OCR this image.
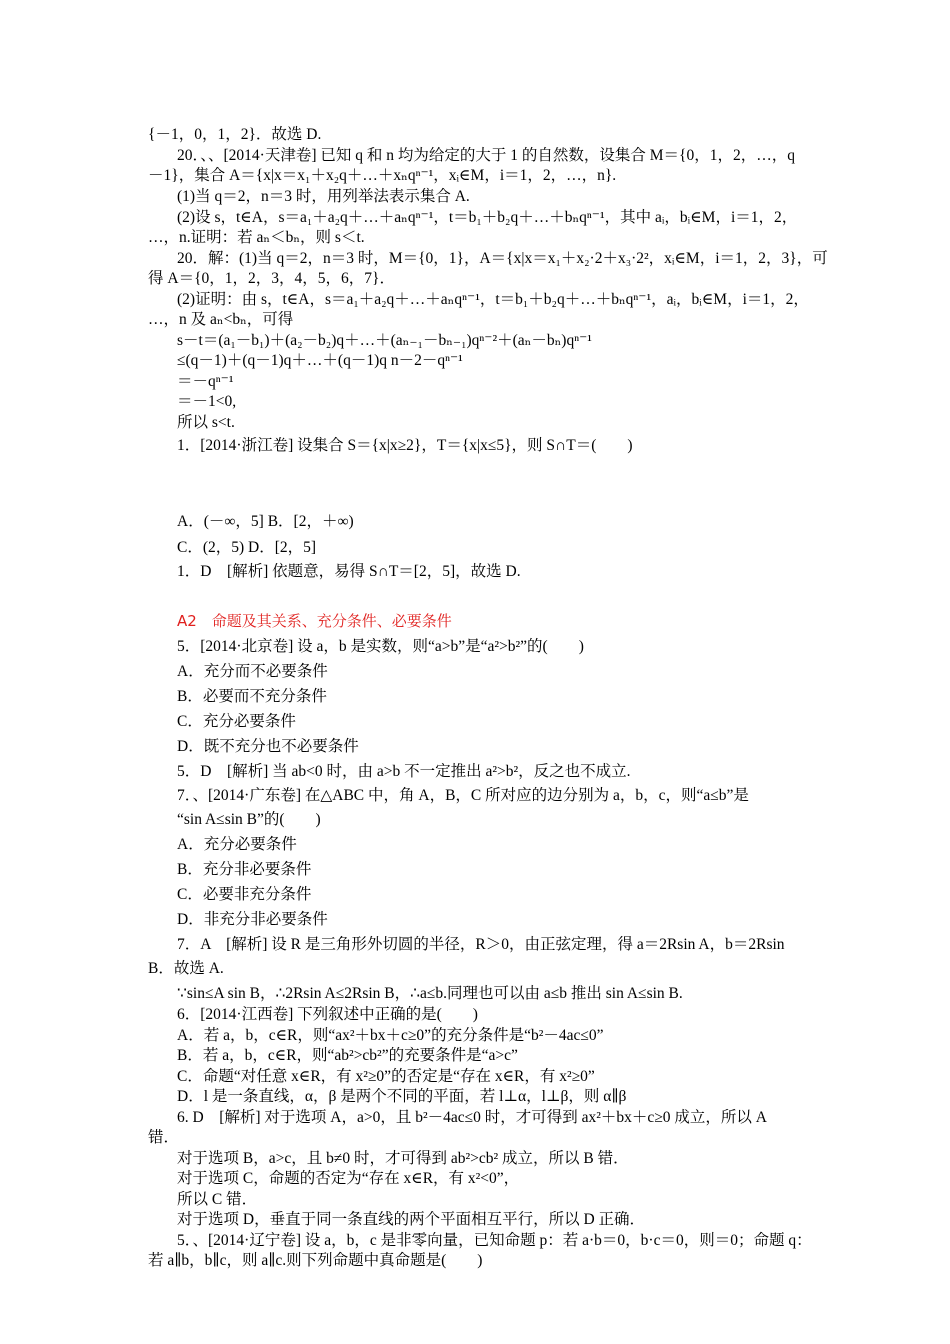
{－1，0，1，2}．故选 D.
20．、、[2014·天津卷] 已知 q 和 n 均为给定的大于 1 的自然数，设集合 M＝{0，1，2，…，q
－1}，集合 A＝{x|x＝x₁＋x₂q＋…＋xₙqⁿ⁻¹，xᵢ∈M，i＝1，2，…，n}.
(1)当 q＝2，n＝3 时，用列举法表示集合 A.
(2)设 s，t∈A，s＝a₁＋a₂q＋…＋aₙqⁿ⁻¹，t＝b₁＋b₂q＋…＋bₙqⁿ⁻¹，其中 aᵢ，bᵢ∈M，i＝1，2，
…，n.证明：若 aₙ＜bₙ，则 s＜t.
20．解：(1)当 q＝2，n＝3 时，M＝{0，1}，A＝{x|x＝x₁＋x₂·2＋x₃·2²，xᵢ∈M，i＝1，2，3}，可
得 A＝{0，1，2，3，4，5，6，7}．
(2)证明：由 s，t∈A，s＝a₁＋a₂q＋…＋aₙqⁿ⁻¹，t＝b₁＋b₂q＋…＋bₙqⁿ⁻¹，aᵢ，bᵢ∈M，i＝1，2，
…，n 及 aₙ<bₙ，可得
s－t＝(a₁－b₁)＋(a₂－b₂)q＋…＋(aₙ₋₁－bₙ₋₁)qⁿ⁻²＋(aₙ－bₙ)qⁿ⁻¹
≤(q－1)＋(q－1)q＋…＋(q－1)q n－2－qⁿ⁻¹
＝－qⁿ⁻¹
＝－1<0,
所以 s<t.
1．[2014·浙江卷] 设集合 S＝{x|x≥2}，T＝{x|x≤5}，则 S∩T＝(　　)
A．(－∞，5] B．[2，＋∞)
C．(2，5) D．[2，5]
1．D　[解析] 依题意，易得 S∩T＝[2，5]，故选 D.
A2　命题及其关系、充分条件、必要条件
5．[2014·北京卷] 设 a，b 是实数，则“a>b”是“a²>b²”的(　　)
A．充分而不必要条件
B．必要而不充分条件
C．充分必要条件
D．既不充分也不必要条件
5．D　[解析] 当 ab<0 时，由 a>b 不一定推出 a²>b²，反之也不成立.
7．、[2014·广东卷] 在△ABC 中，角 A，B，C 所对应的边分别为 a，b，c，则“a≤b”是
“sin A≤sin B”的(　　)
A．充分必要条件
B．充分非必要条件
C．必要非充分条件
D．非充分非必要条件
7．A　[解析] 设 R 是三角形外切圆的半径，R＞0，由正弦定理，得 a＝2Rsin A，b＝2Rsin
B．故选 A.
∵sin≤A sin B，∴2Rsin A≤2Rsin B，∴a≤b.同理也可以由 a≤b 推出 sin A≤sin B.
6．[2014·江西卷] 下列叙述中正确的是(　　)
A．若 a，b，c∈R，则“ax²＋bx＋c≥0”的充分条件是“b²－4ac≤0”
B．若 a，b，c∈R，则“ab²>cb²”的充要条件是“a>c”
C．命题“对任意 x∈R，有 x²≥0”的否定是“存在 x∈R，有 x²≥0”
D．l 是一条直线，α，β 是两个不同的平面，若 l⊥α，l⊥β，则 α∥β
6. D　[解析] 对于选项 A，a>0，且 b²－4ac≤0 时，才可得到 ax²＋bx＋c≥0 成立，所以 A
错．
对于选项 B，a>c，且 b≠0 时，才可得到 ab²>cb² 成立，所以 B 错．
对于选项 C，命题的否定为“存在 x∈R，有 x²<0”，
所以 C 错．
对于选项 D，垂直于同一条直线的两个平面相互平行，所以 D 正确．
5．、[2014·辽宁卷] 设 a，b，c 是非零向量，已知命题 p：若 a·b＝0，b·c＝0，则＝0；命题 q：
若 a∥b，b∥c，则 a∥c.则下列命题中真命题是(　　)
